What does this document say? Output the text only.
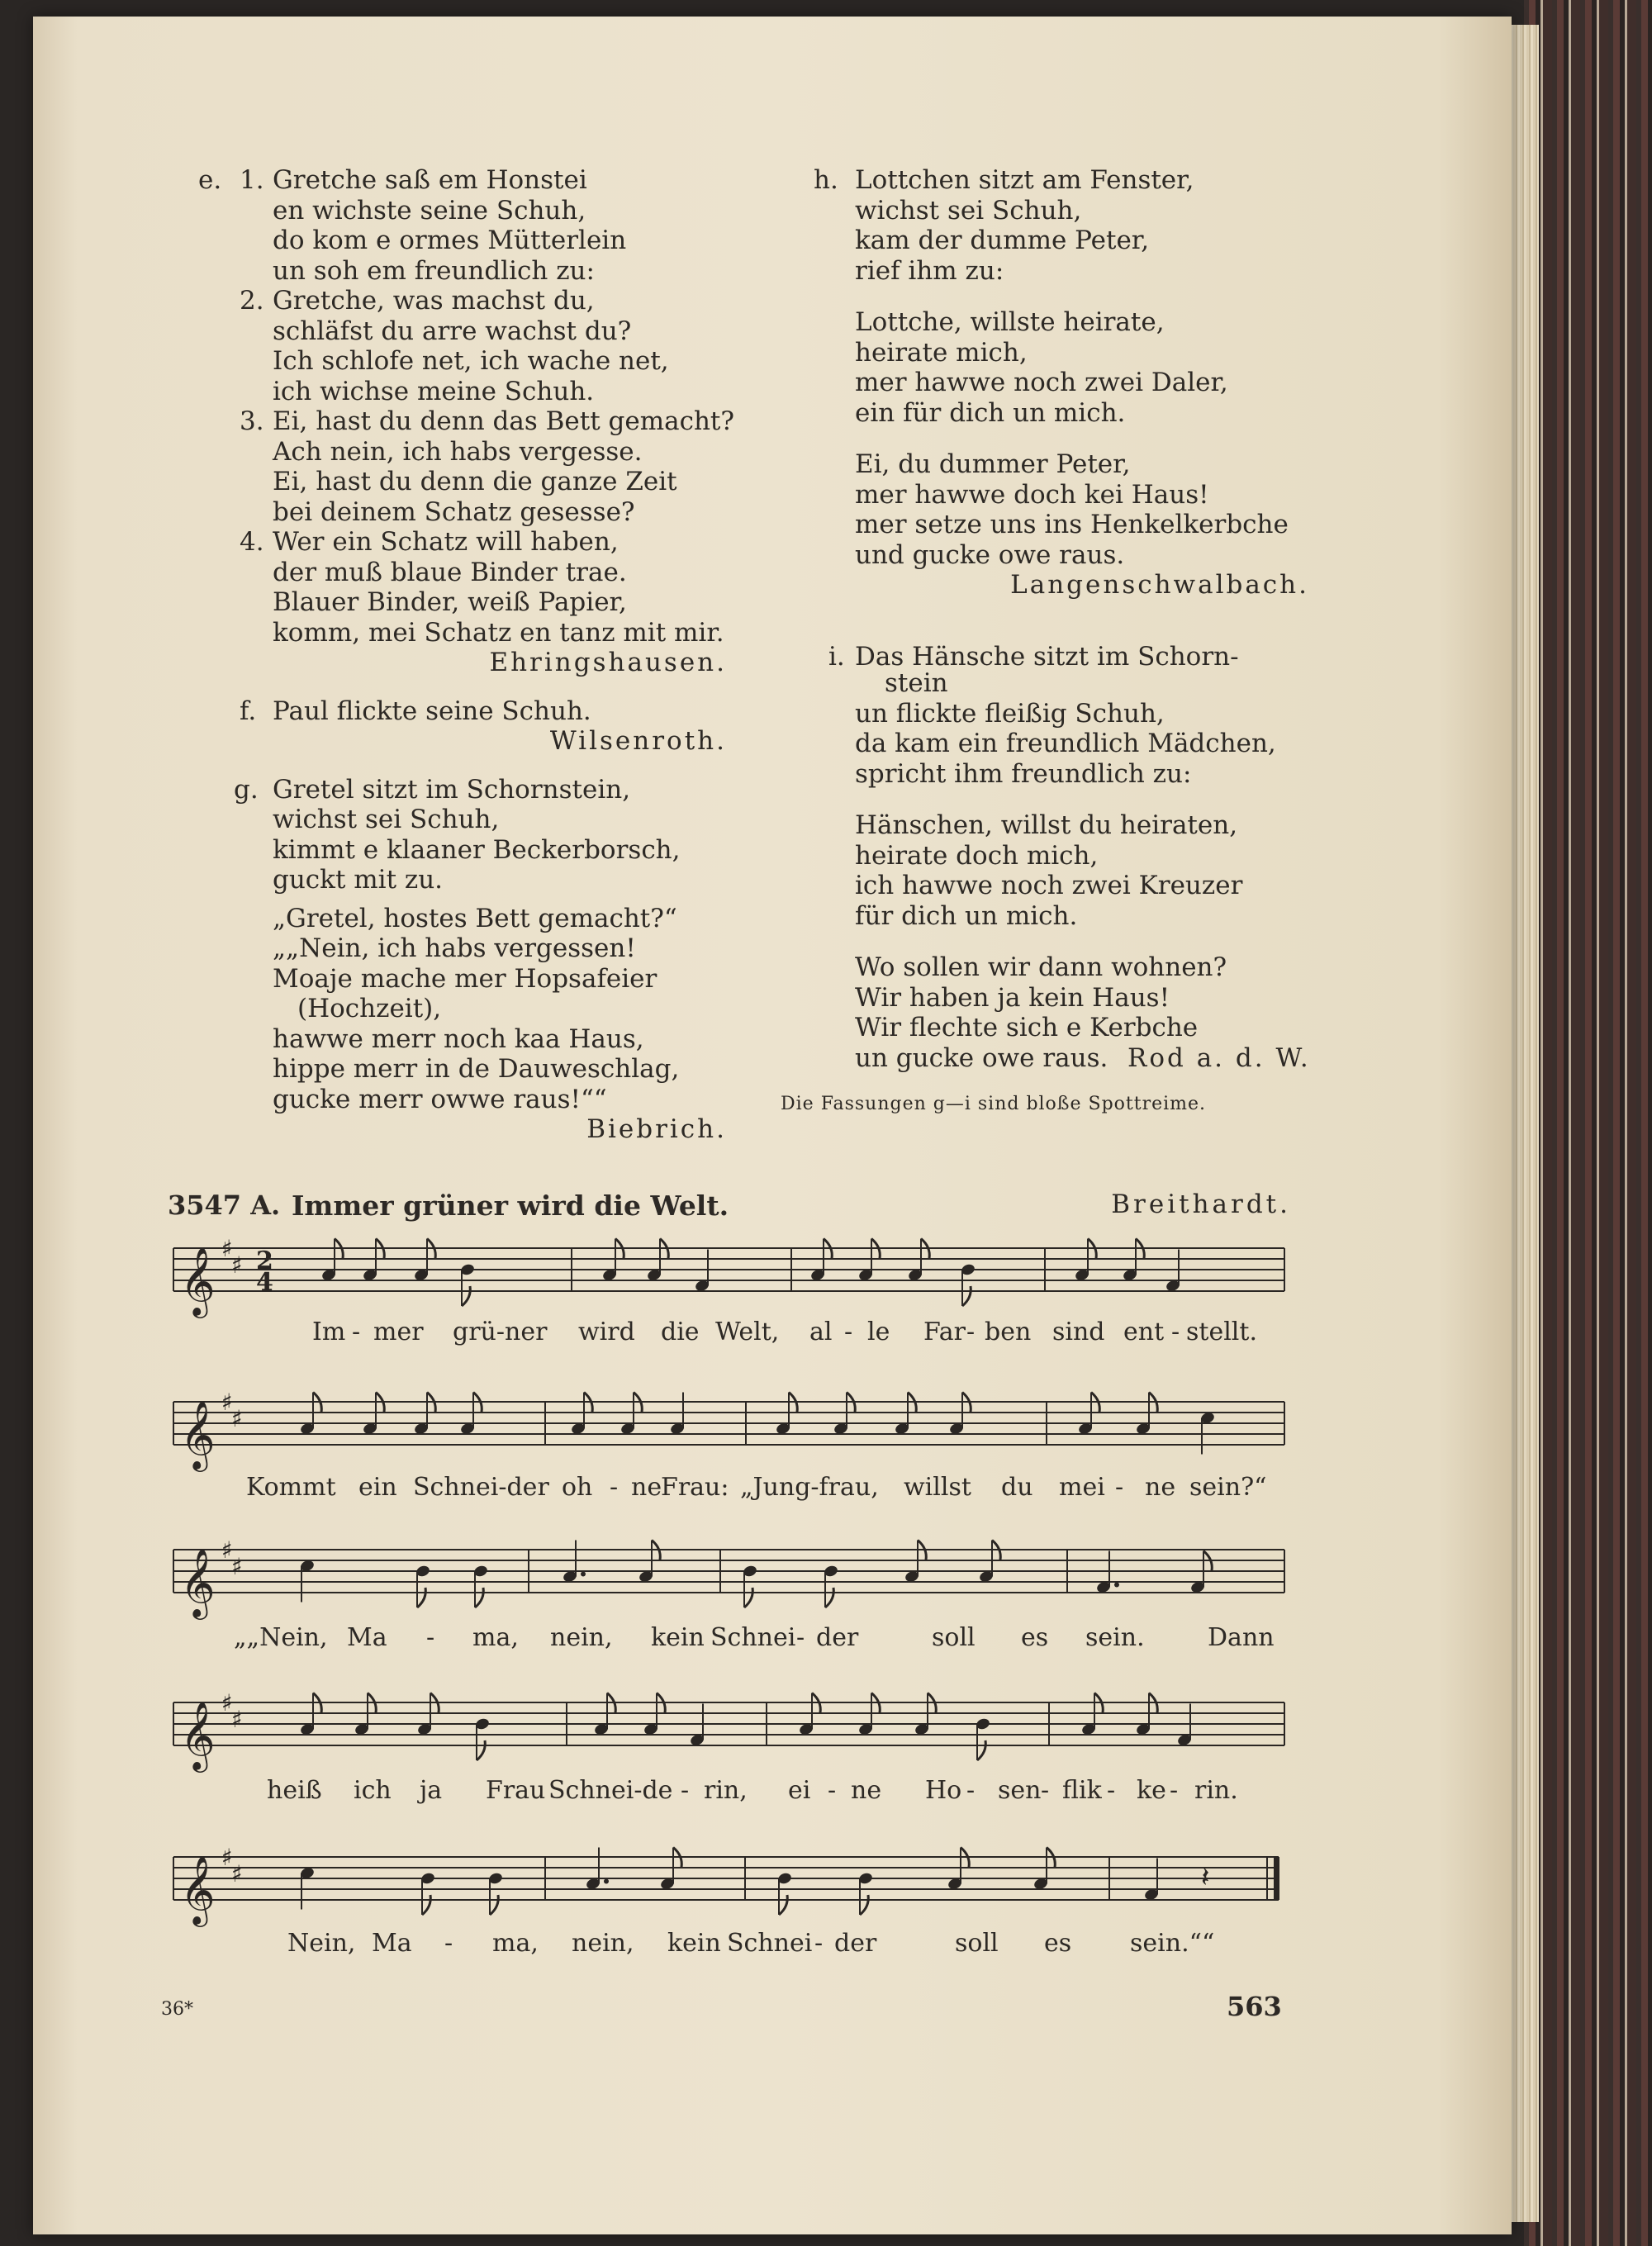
e. 1. Gretche saß em Honstei
en wichste seine Schuh,
do kom e ormes Mütterlein
un soh em freundlich zu:
2. Gretche, was machst du,
schläfst du arre wachst du?
Ich schlofe net, ich wache net,
ich wichse meine Schuh.
3. Ei, hast du denn das Bett gemacht?
Ach nein, ich habs vergesse.
Ei, hast du denn die ganze Zeit
bei deinem Schatz gesesse?
4. Wer ein Schatz will haben,
der muß blaue Binder trae.
Blauer Binder, weiß Papier,
komm, mei Schatz en tanz mit mir.
Ehringshausen.
f. Paul flickte seine Schuh.
Wilsenroth.
g. Gretel sitzt im Schornstein,
wichst sei Schuh,
kimmt e klaaner Beckerborsch,
guckt mit zu.
„Gretel, hostes Bett gemacht?“
„„Nein, ich habs vergessen!
Moaje mache mer Hopsafeier
(Hochzeit),
hawwe merr noch kaa Haus,
hippe merr in de Dauweschlag,
gucke merr owwe raus!““
Biebrich.
h. Lottchen sitzt am Fenster,
wichst sei Schuh,
kam der dumme Peter,
rief ihm zu:
Lottche, willste heirate,
heirate mich,
mer hawwe noch zwei Daler,
ein für dich un mich.
Ei, du dummer Peter,
mer hawwe doch kei Haus!
mer setze uns ins Henkelkerbche
und gucke owe raus.
Langenschwalbach.
i. Das Hänsche sitzt im Schorn-
stein
un flickte fleißig Schuh,
da kam ein freundlich Mädchen,
spricht ihm freundlich zu:
Hänschen, willst du heiraten,
heirate doch mich,
ich hawwe noch zwei Kreuzer
für dich un mich.
Wo sollen wir dann wohnen?
Wir haben ja kein Haus!
Wir flechte sich e Kerbche
un gucke owe raus. Rod a. d. W.
Die Fassungen g—i sind bloße Spottreime.
3547 A. Immer grüner wird die Welt.	Breithardt.
𝄞 ♯
♯ 2
4
𝄞 ♯
♯
𝄞 ♯
♯
𝄞 ♯
♯
𝄞 ♯
♯	𝄽
Im - mer grü-ner wird die Welt, al - le Far - ben sind ent - stellt.
Kommt ein Schnei-der oh - ne
Frau: „Jung-frau, willst du mei - ne sein?“
„„Nein, Ma - ma, nein, kein Schnei - der	soll es sein.	Dann
heiß ich ja Frau Schnei-de - rin, ei - ne Ho - sen - flik - ke - rin.
Nein, Ma - ma, nein, kein Schnei - der	soll es sein.““
36*	563
